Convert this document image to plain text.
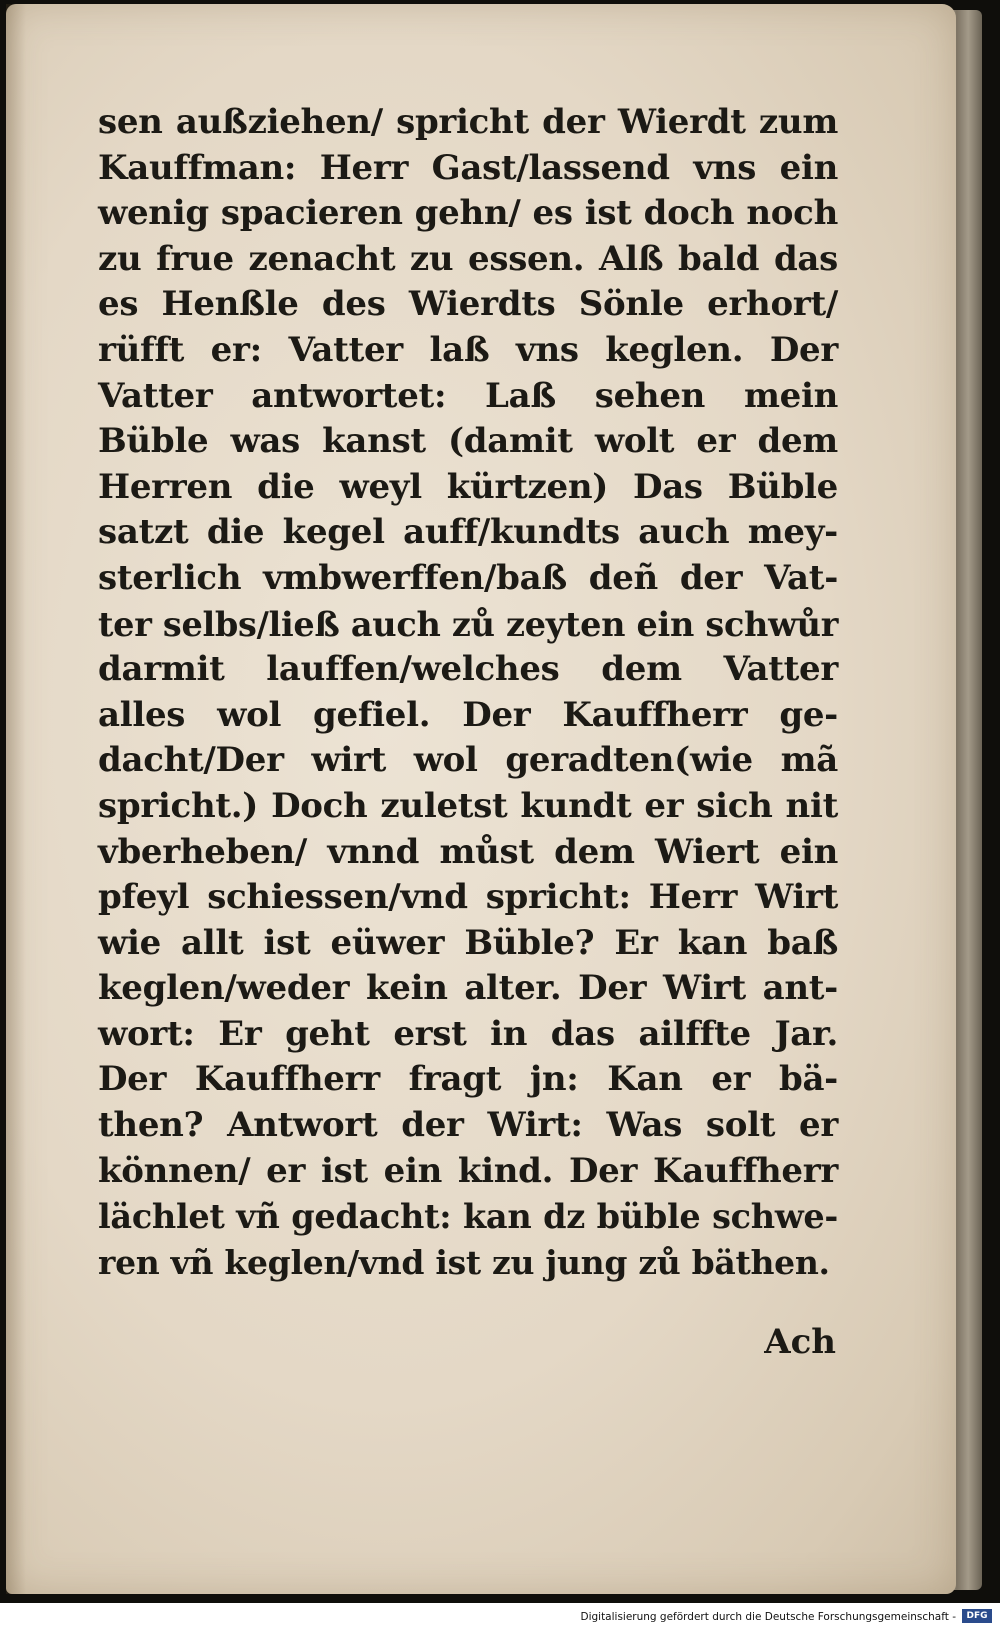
sen außziehen/ spricht der Wierdt zum
Kauffman: Herr Gast/lassend vns ein
wenig spacieren gehn/ es ist doch noch
zu frue zenacht zu essen. Alß bald das
es Henßle des Wierdts Sönle erhort/
rüfft er: Vatter laß vns keglen. Der
Vatter antwortet: Laß sehen mein
Büble was kanst (damit wolt er dem
Herren die weyl kürtzen) Das Büble
satzt die kegel auff/kundts auch mey-
sterlich vmbwerffen/baß deñ der Vat-
ter selbs/ließ auch zů zeyten ein schwůr
darmit lauffen/welches dem Vatter
alles wol gefiel. Der Kauffherr ge-
dacht/Der wirt wol geradten(wie mã
spricht.) Doch zuletst kundt er sich nit
vberheben/ vnnd můst dem Wiert ein
pfeyl schiessen/vnd spricht: Herr Wirt
wie allt ist eüwer Büble? Er kan baß
keglen/weder kein alter. Der Wirt ant-
wort: Er geht erst in das ailffte Jar.
Der Kauffherr fragt jn: Kan er bä-
then? Antwort der Wirt: Was solt er
können/ er ist ein kind. Der Kauffherr
lächlet vñ gedacht: kan dz büble schwe-
ren vñ keglen/vnd ist zu jung zů bäthen.
Ach
Digitalisierung gefördert durch die Deutsche Forschungsgemeinschaft -	DFG
